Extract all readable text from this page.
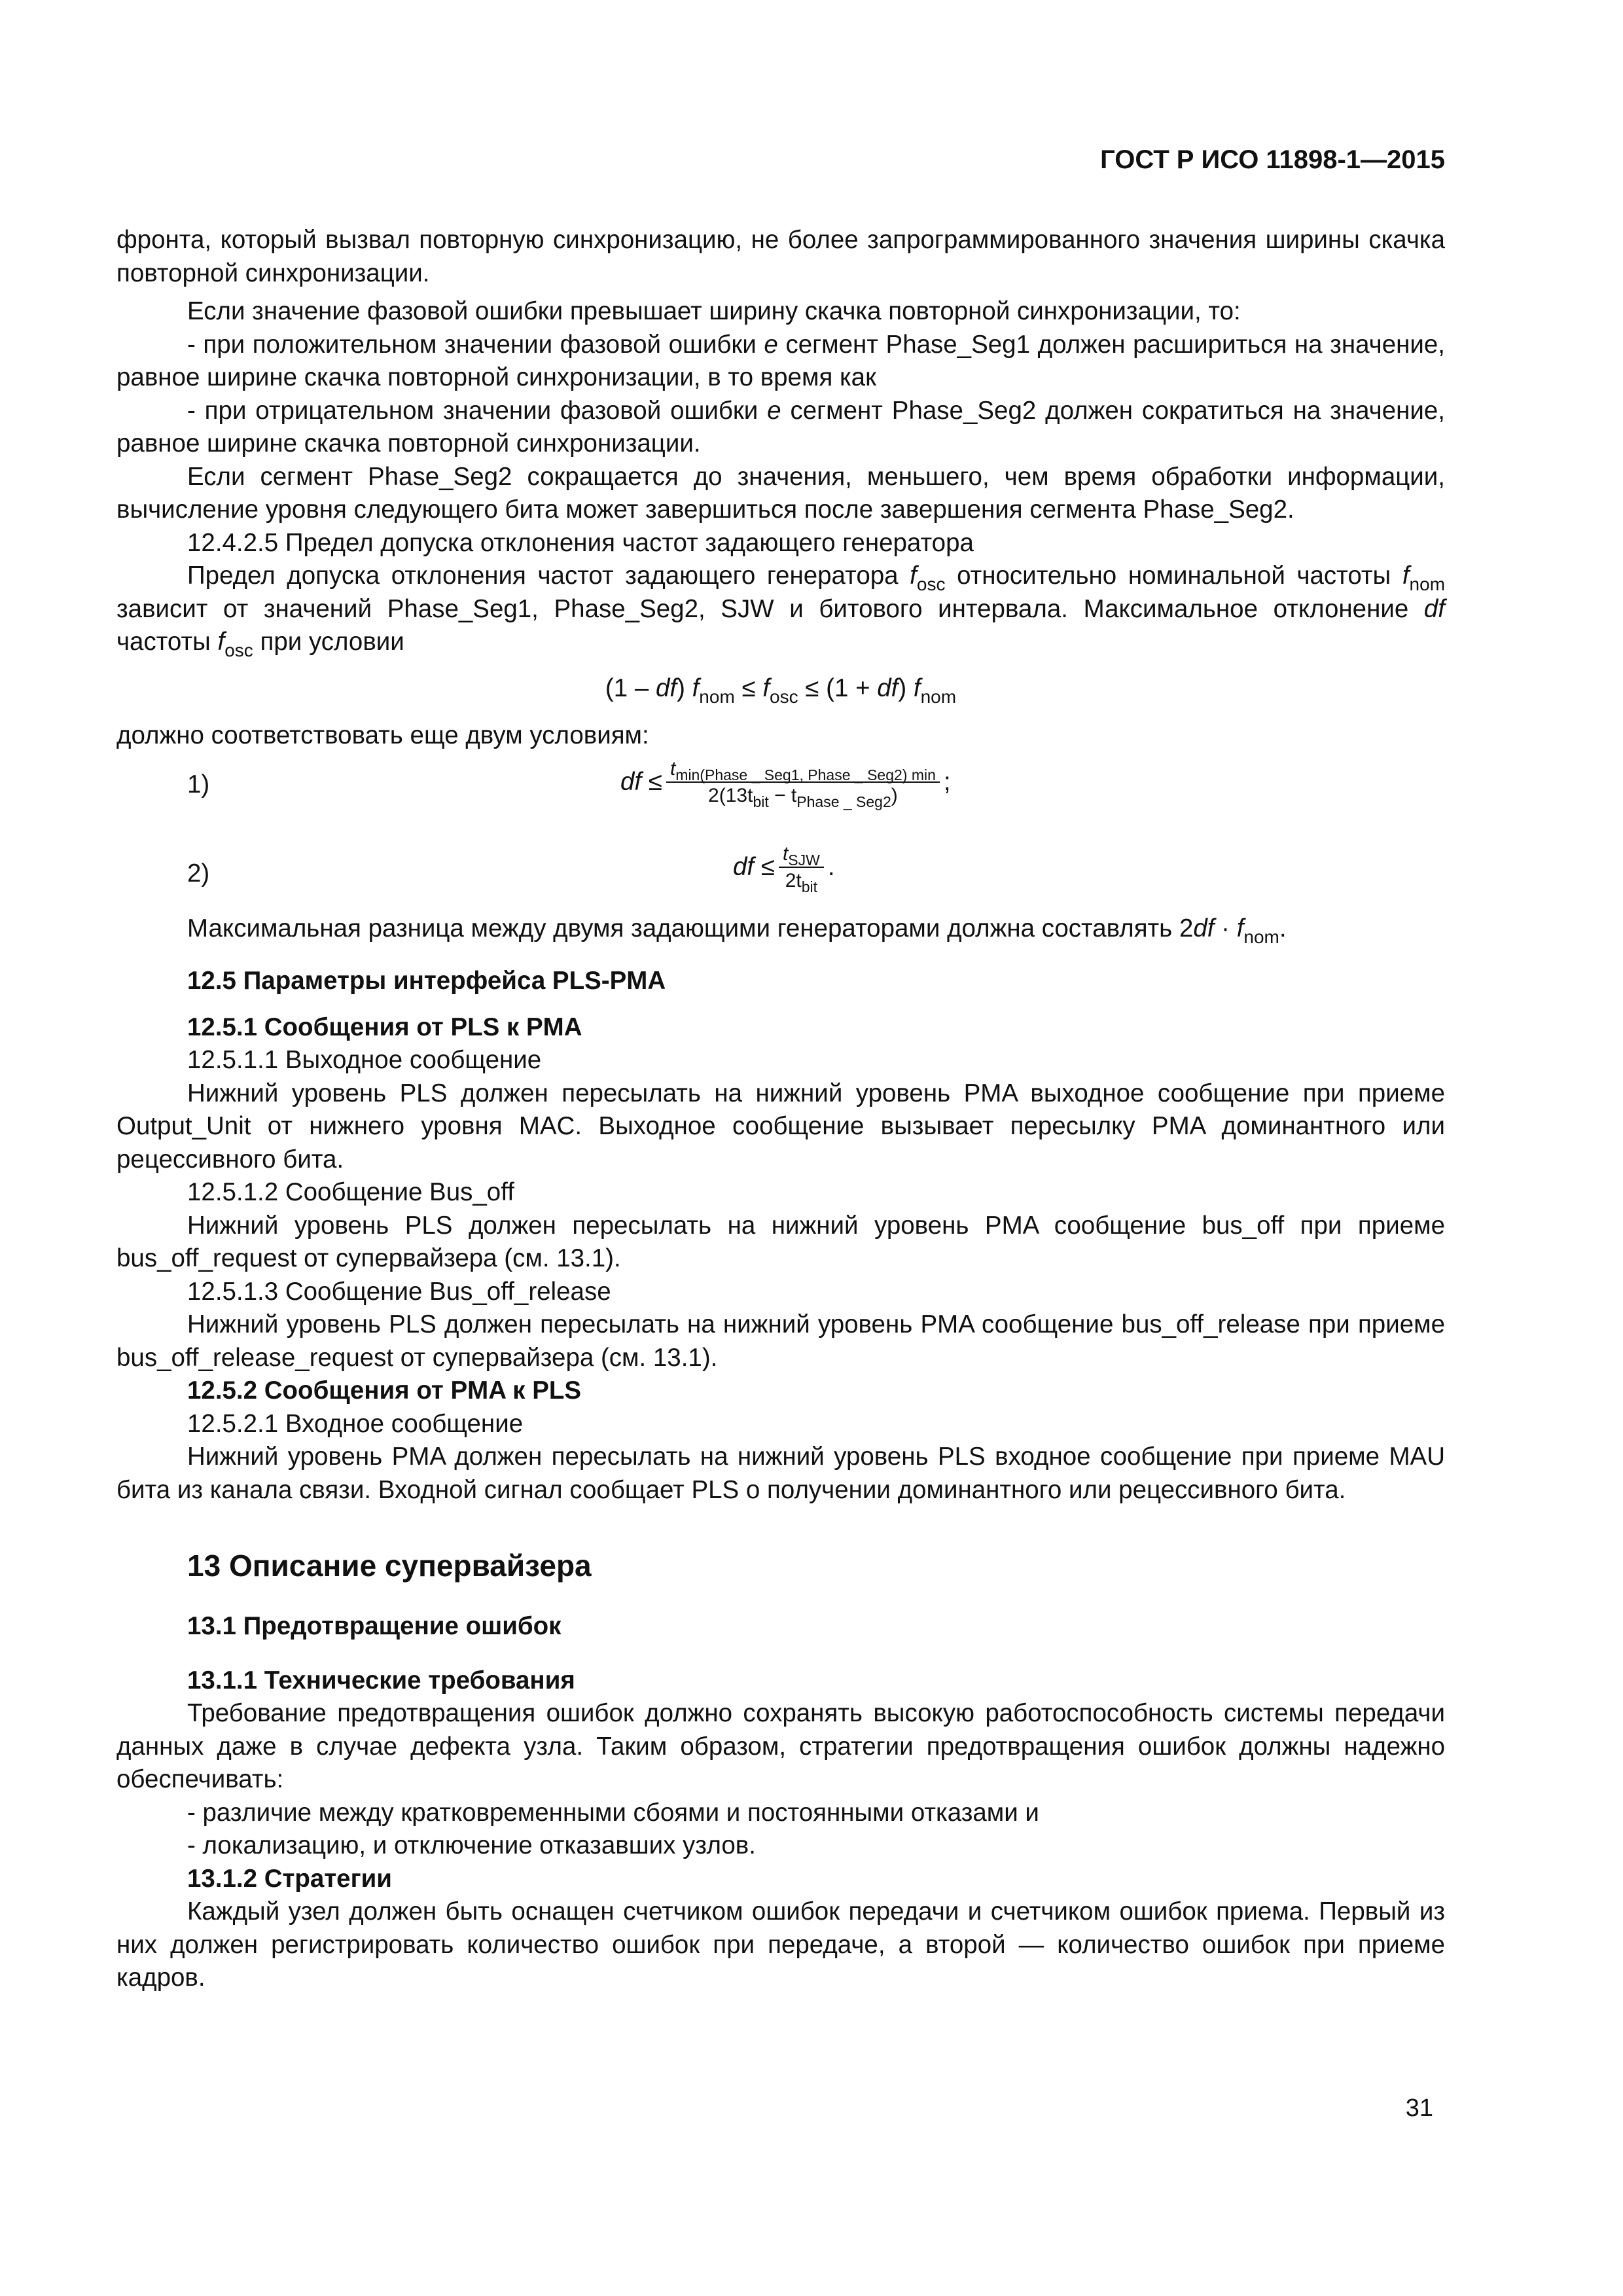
ГОСТ Р ИСО 11898-1—2015

фронта, который вызвал повторную синхронизацию, не более запрограммированного значения ширины скачка повторной синхронизации.

Если значение фазовой ошибки превышает ширину скачка повторной синхронизации, то:

- при положительном значении фазовой ошибки e сегмент Phase_Seg1 должен расшириться на значение, равное ширине скачка повторной синхронизации, в то время как

- при отрицательном значении фазовой ошибки e сегмент Phase_Seg2 должен сократиться на значение, равное ширине скачка повторной синхронизации.

Если сегмент Phase_Seg2 сокращается до значения, меньшего, чем время обработки информации, вычисление уровня следующего бита может завершиться после завершения сегмента Phase_Seg2.

12.4.2.5 Предел допуска отклонения частот задающего генератора

Предел допуска отклонения частот задающего генератора $f_{osc}$ относительно номинальной частоты $f_{nom}$ зависит от значений Phase_Seg1, Phase_Seg2, SJW и битового интервала. Максимальное отклонение df частоты $f_{osc}$ при условии

(1 – df) $f_{nom} \le f_{osc} \le (1 + df)$ $f_{nom}$

должно соответствовать еще двум условиям:

1)	df ≤ $\frac{t_{min(Phase \_ Seg1, Phase \_ Seg2) min}}{2(13t_{bit} - t_{Phase \_ Seg2})}$ ;
2)	df ≤ $\frac{t_{SJW}}{2t_{bit}}$ .

Максимальная разница между двумя задающими генераторами должна составлять $2df \cdot f_{nom}$.

12.5 Параметры интерфейса PLS-PMA

12.5.1 Сообщения от PLS к PMA

12.5.1.1 Выходное сообщение

Нижний уровень PLS должен пересылать на нижний уровень PMA выходное сообщение при приеме Output_Unit от нижнего уровня MAC. Выходное сообщение вызывает пересылку PMA доминантного или рецессивного бита.

12.5.1.2 Сообщение Bus_off

Нижний уровень PLS должен пересылать на нижний уровень PMA сообщение bus_off при приеме bus_off_request от супервайзера (см. 13.1).

12.5.1.3 Сообщение Bus_off_release

Нижний уровень PLS должен пересылать на нижний уровень PMA сообщение bus_off_release при приеме bus_off_release_request от супервайзера (см. 13.1).

12.5.2 Сообщения от PMA к PLS

12.5.2.1 Входное сообщение

Нижний уровень PMA должен пересылать на нижний уровень PLS входное сообщение при приеме MAU бита из канала связи. Входной сигнал сообщает PLS о получении доминантного или рецессивного бита.

13 Описание супервайзера

13.1 Предотвращение ошибок

13.1.1 Технические требования

Требование предотвращения ошибок должно сохранять высокую работоспособность системы передачи данных даже в случае дефекта узла. Таким образом, стратегии предотвращения ошибок должны надежно обеспечивать:

- различие между кратковременными сбоями и постоянными отказами и

- локализацию, и отключение отказавших узлов.

13.1.2 Стратегии

Каждый узел должен быть оснащен счетчиком ошибок передачи и счетчиком ошибок приема. Первый из них должен регистрировать количество ошибок при передаче, а второй — количество ошибок при приеме кадров.

31
